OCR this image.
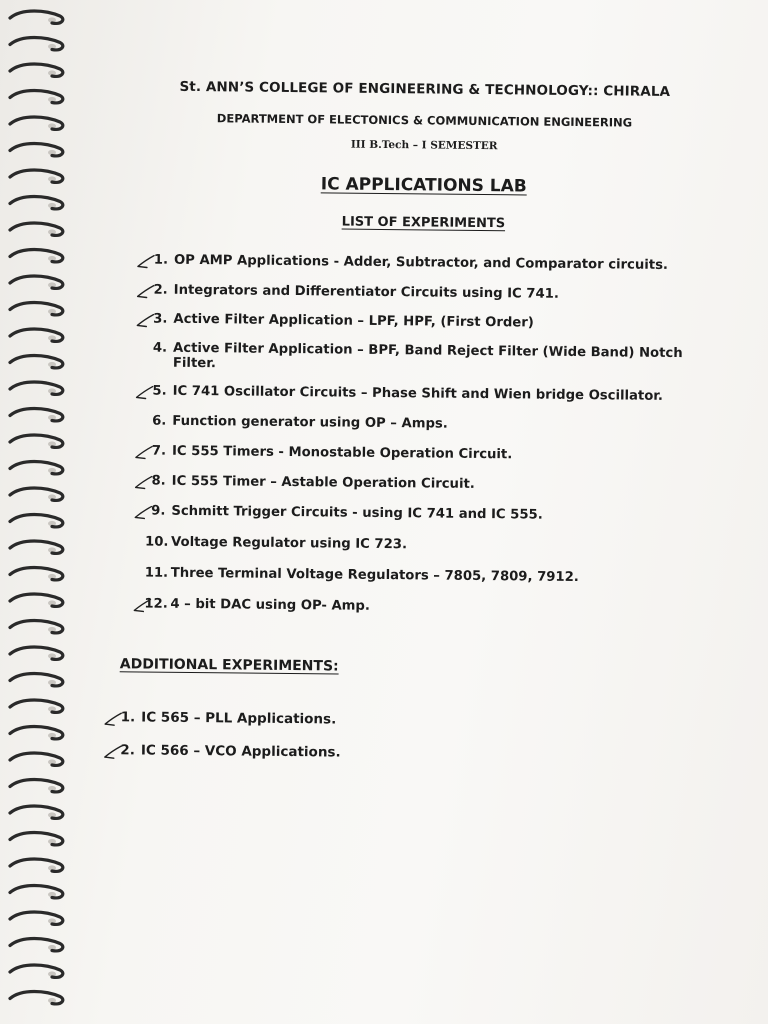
St. ANN’S COLLEGE OF ENGINEERING & TECHNOLOGY:: CHIRALA
DEPARTMENT OF ELECTONICS & COMMUNICATION ENGINEERING
III B.Tech – I SEMESTER
IC APPLICATIONS LAB
LIST OF EXPERIMENTS
1. OP AMP Applications - Adder, Subtractor, and Comparator circuits.
2. Integrators and Differentiator Circuits using IC 741.
3. Active Filter Application – LPF, HPF, (First Order)
4. Active Filter Application – BPF, Band Reject Filter (Wide Band) Notch Filter.
5. IC 741 Oscillator Circuits – Phase Shift and Wien bridge Oscillator.
6. Function generator using OP – Amps.
7. IC 555 Timers - Monostable Operation Circuit.
8. IC 555 Timer – Astable Operation Circuit.
9. Schmitt Trigger Circuits - using IC 741 and IC 555.
10. Voltage Regulator using IC 723.
11. Three Terminal Voltage Regulators – 7805, 7809, 7912.
12. 4 – bit DAC using OP- Amp.
ADDITIONAL EXPERIMENTS:
1. IC 565 – PLL Applications.
2. IC 566 – VCO Applications.
